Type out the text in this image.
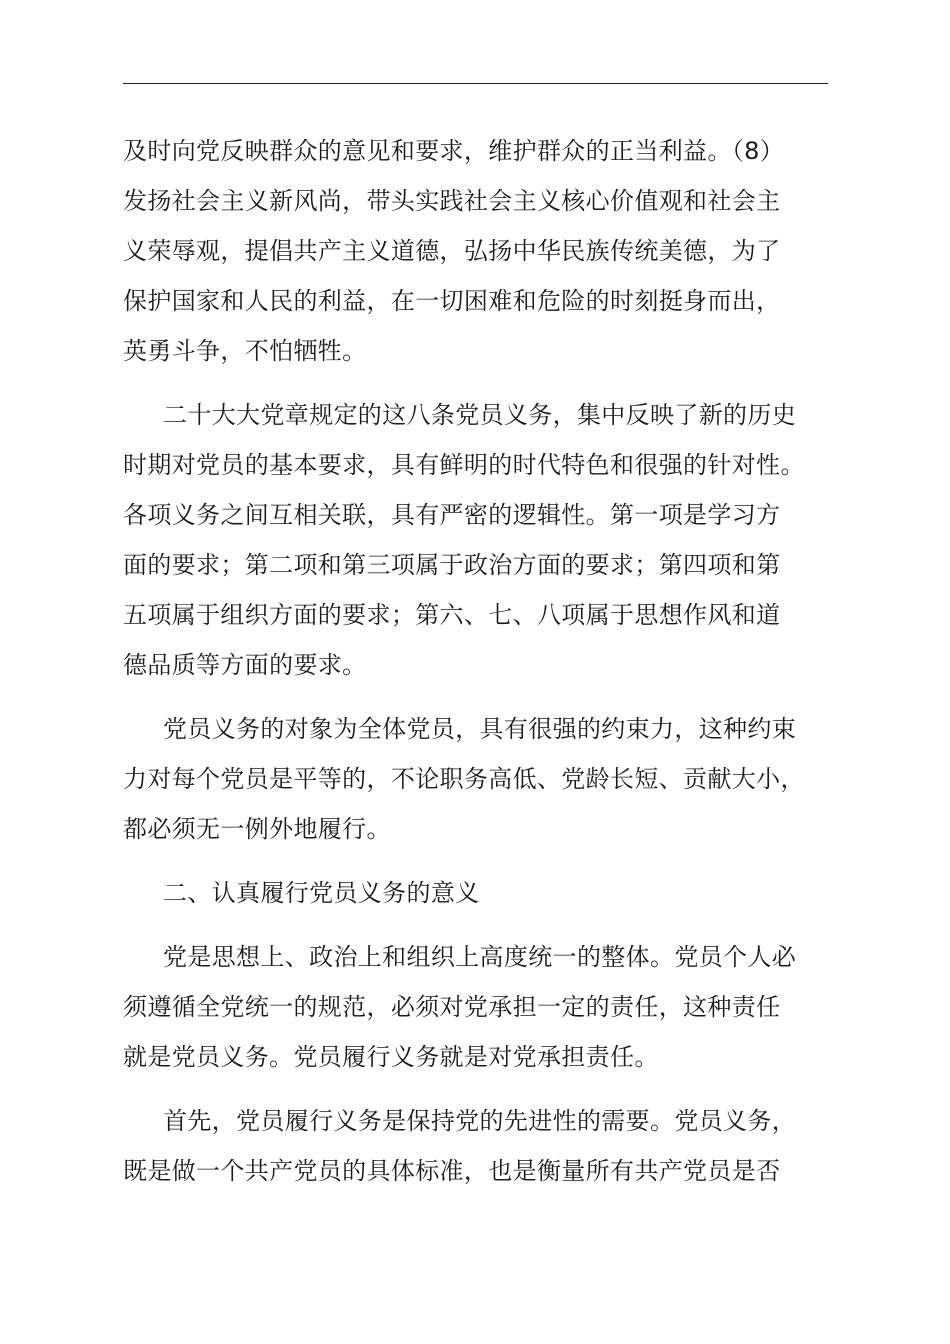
及时向党反映群众的意见和要求，维护群众的正当利益。（8）
发扬社会主义新风尚，带头实践社会主义核心价值观和社会主
义荣辱观，提倡共产主义道德，弘扬中华民族传统美德，为了
保护国家和人民的利益，在一切困难和危险的时刻挺身而出，
英勇斗争，不怕牺牲。
二十大大党章规定的这八条党员义务，集中反映了新的历史
时期对党员的基本要求，具有鲜明的时代特色和很强的针对性。
各项义务之间互相关联，具有严密的逻辑性。第一项是学习方
面的要求；第二项和第三项属于政治方面的要求；第四项和第
五项属于组织方面的要求；第六、七、八项属于思想作风和道
德品质等方面的要求。
党员义务的对象为全体党员，具有很强的约束力，这种约束
力对每个党员是平等的，不论职务高低、党龄长短、贡献大小，
都必须无一例外地履行。
二、认真履行党员义务的意义
党是思想上、政治上和组织上高度统一的整体。党员个人必
须遵循全党统一的规范，必须对党承担一定的责任，这种责任
就是党员义务。党员履行义务就是对党承担责任。
首先，党员履行义务是保持党的先进性的需要。党员义务，
既是做一个共产党员的具体标准，也是衡量所有共产党员是否
